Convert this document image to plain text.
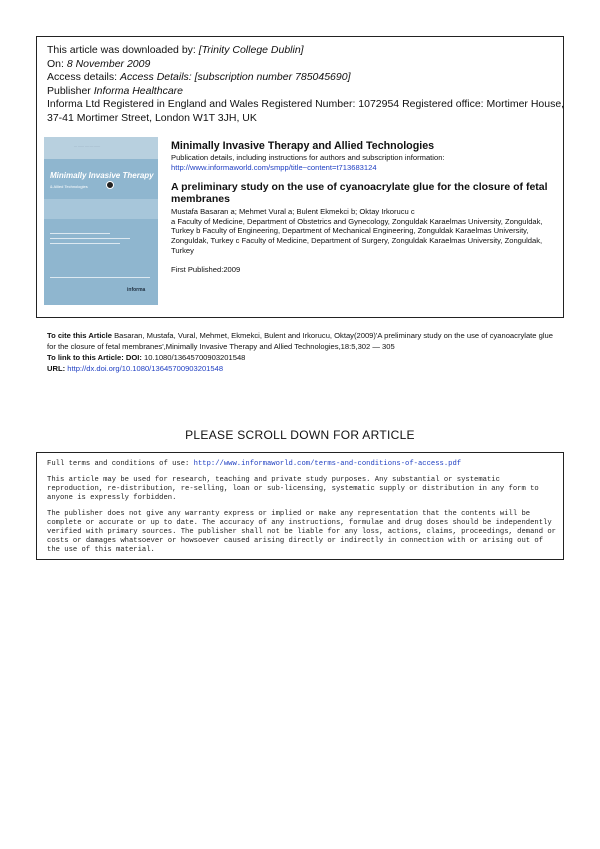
This article was downloaded by: [Trinity College Dublin]
On: 8 November 2009
Access details: Access Details: [subscription number 785045690]
Publisher Informa Healthcare
Informa Ltd Registered in England and Wales Registered Number: 1072954 Registered office: Mortimer House,
37-41 Mortimer Street, London W1T 3JH, UK
··· ······ ···· ···· ······
Minimally Invasive Therapy
& Allied Technologies
informa
Minimally Invasive Therapy and Allied Technologies
Publication details, including instructions for authors and subscription information:
http://www.informaworld.com/smpp/title~content=t713683124
A preliminary study on the use of cyanoacrylate glue for the closure of fetal membranes
Mustafa Basaran a; Mehmet Vural a; Bulent Ekmekci b; Oktay Irkorucu c
a Faculty of Medicine, Department of Obstetrics and Gynecology, Zonguldak Karaelmas University, Zonguldak, Turkey b Faculty of Engineering, Department of Mechanical Engineering, Zonguldak Karaelmas University, Zonguldak, Turkey c Faculty of Medicine, Department of Surgery, Zonguldak Karaelmas University, Zonguldak, Turkey
First Published:2009
To cite this Article Basaran, Mustafa, Vural, Mehmet, Ekmekci, Bulent and Irkorucu, Oktay(2009)'A preliminary study on the use of cyanoacrylate glue for the closure of fetal membranes',Minimally Invasive Therapy and Allied Technologies,18:5,302 — 305
To link to this Article: DOI: 10.1080/13645700903201548
URL: http://dx.doi.org/10.1080/13645700903201548
PLEASE SCROLL DOWN FOR ARTICLE

Full terms and conditions of use: http://www.informaworld.com/terms-and-conditions-of-access.pdf

This article may be used for research, teaching and private study purposes. Any substantial or systematic reproduction, re-distribution, re-selling, loan or sub-licensing, systematic supply or distribution in any form to anyone is expressly forbidden.

The publisher does not give any warranty express or implied or make any representation that the contents will be complete or accurate or up to date. The accuracy of any instructions, formulae and drug doses should be independently verified with primary sources. The publisher shall not be liable for any loss, actions, claims, proceedings, demand or costs or damages whatsoever or howsoever caused arising directly or indirectly in connection with or arising out of the use of this material.
